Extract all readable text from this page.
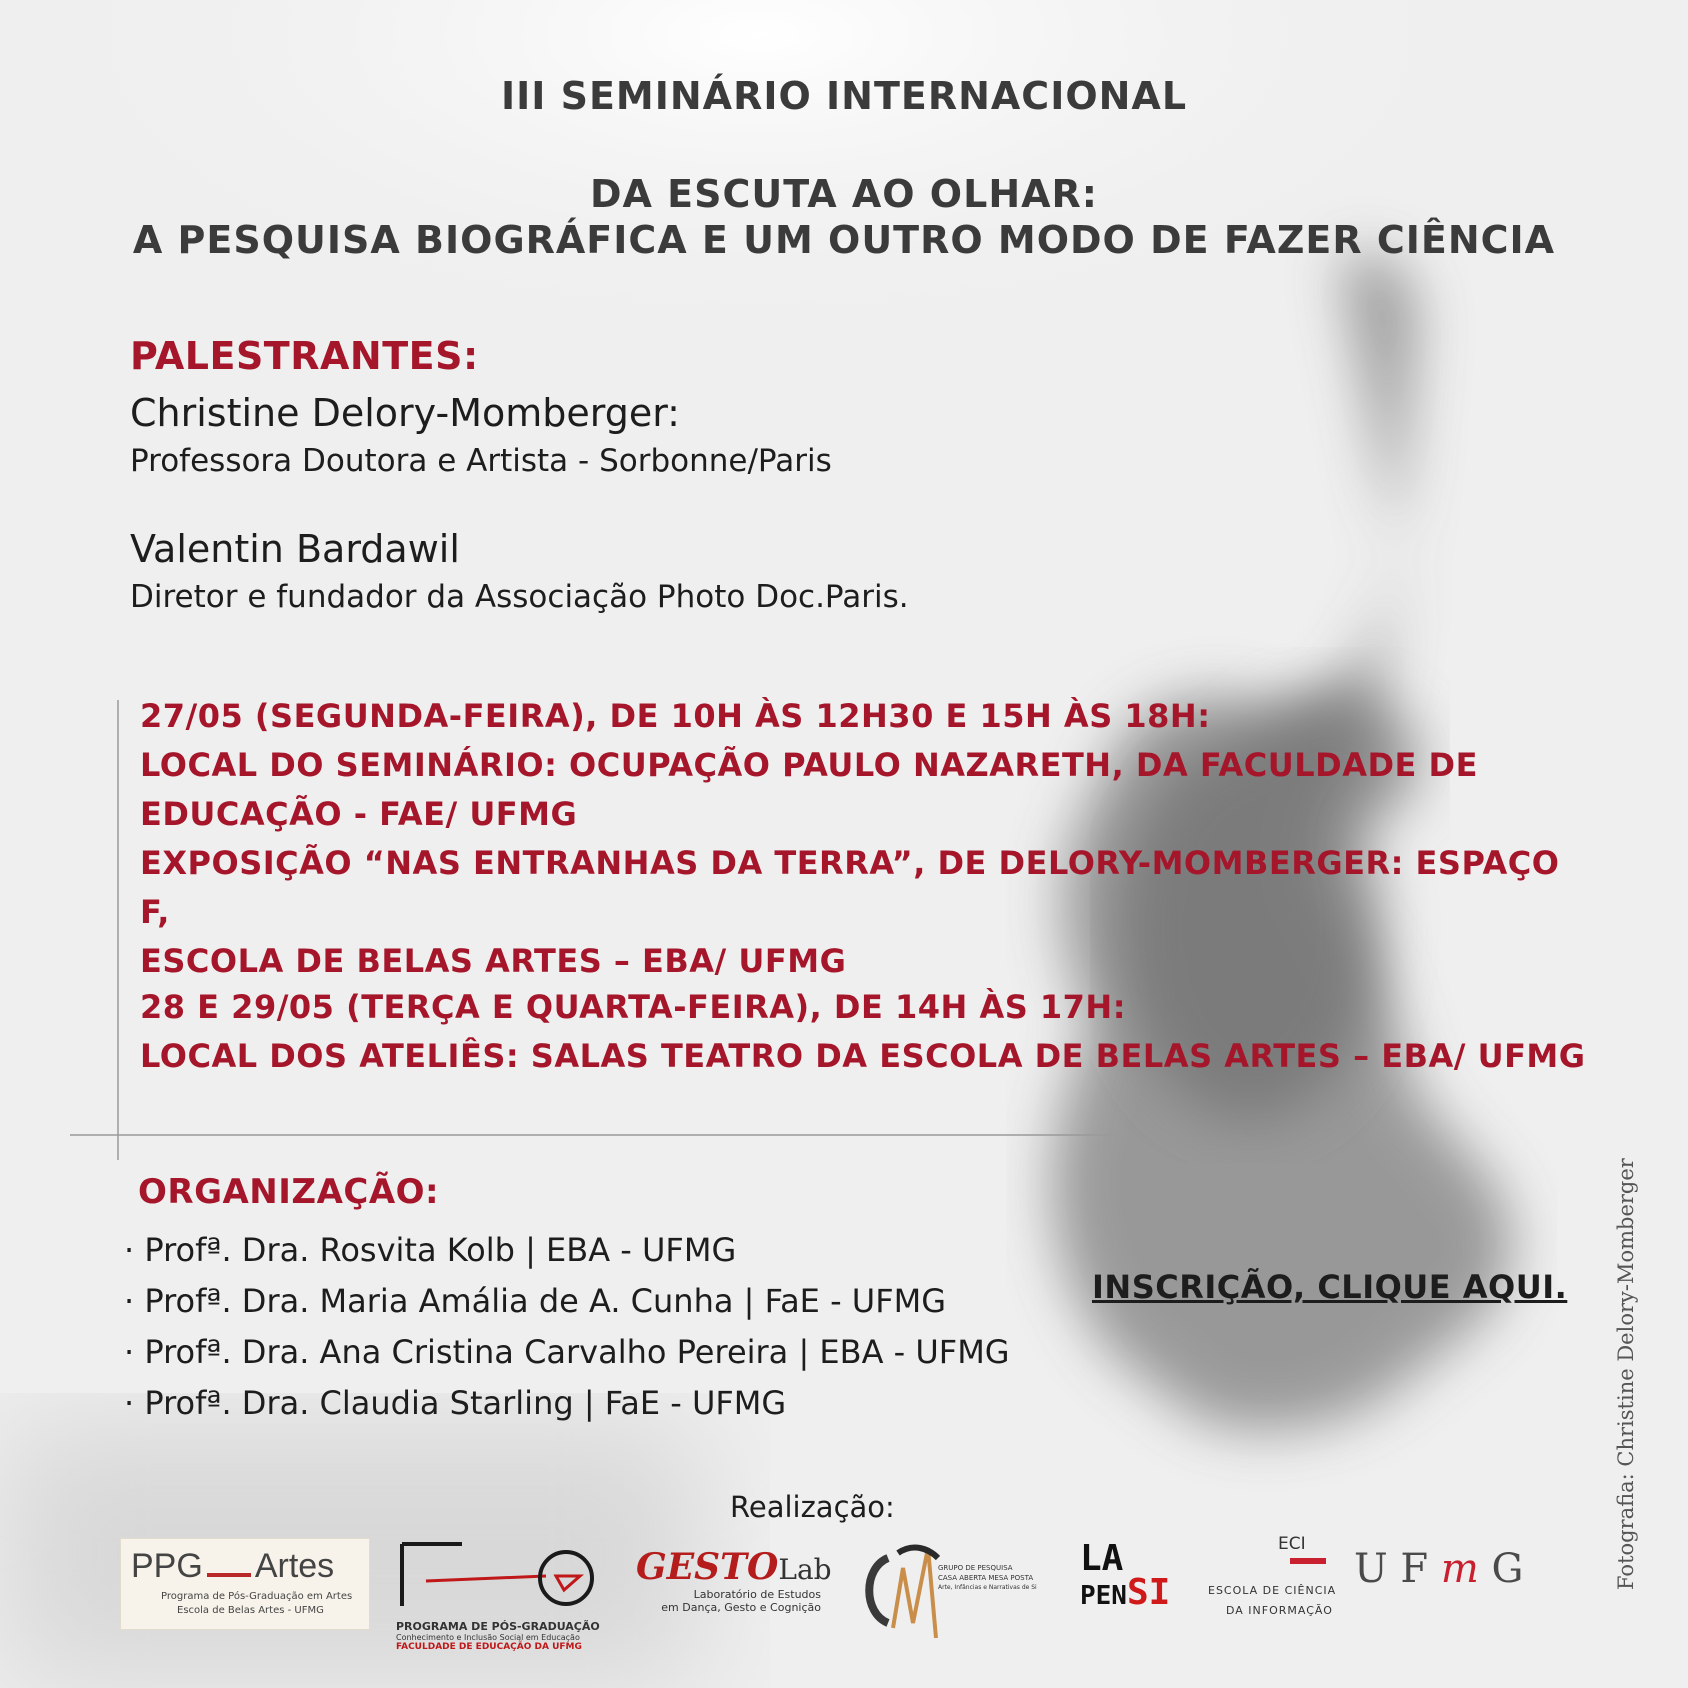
III SEMINÁRIO INTERNACIONAL
DA ESCUTA AO OLHAR:
A PESQUISA BIOGRÁFICA E UM OUTRO MODO DE FAZER CIÊNCIA
PALESTRANTES:
Christine Delory-Momberger:
Professora Doutora e Artista - Sorbonne/Paris
Valentin Bardawil
Diretor e fundador da Associação Photo Doc.Paris.
27/05 (SEGUNDA-FEIRA), DE 10H ÀS 12H30 E 15H ÀS 18H:
LOCAL DO SEMINÁRIO: OCUPAÇÃO PAULO NAZARETH, DA FACULDADE DE
EDUCAÇÃO - FAE/ UFMG
EXPOSIÇÃO “NAS ENTRANHAS DA TERRA”, DE DELORY-MOMBERGER: ESPAÇO F,
ESCOLA DE BELAS ARTES – EBA/ UFMG
28 E 29/05 (TERÇA E QUARTA-FEIRA), DE 14H ÀS 17H:
LOCAL DOS ATELIÊS: SALAS TEATRO DA ESCOLA DE BELAS ARTES – EBA/ UFMG
ORGANIZAÇÃO:
· Profª. Dra. Rosvita Kolb | EBA - UFMG
· Profª. Dra. Maria Amália de A. Cunha | FaE - UFMG
· Profª. Dra. Ana Cristina Carvalho Pereira | EBA - UFMG
· Profª. Dra. Claudia Starling | FaE - UFMG
INSCRIÇÃO, CLIQUE AQUI. Fotografia: Christine Delory-Momberger
Realização:
PPG Artes
Programa de Pós-Graduação em Artes
Escola de Belas Artes - UFMG
PROGRAMA DE PÓS-GRADUAÇÃO
Conhecimento e Inclusão Social em Educação
FACULDADE DE EDUCAÇÃO DA UFMG
GESTOLab
Laboratório de Estudos
em Dança, Gesto e Cognição
GRUPO DE PESQUISA
CASA ABERTA MESA POSTA
Arte, Infâncias e Narrativas de Si
LA
PENSI
ECI
ESCOLA DE CIÊNCIA
DA INFORMAÇÃO
U F m G
